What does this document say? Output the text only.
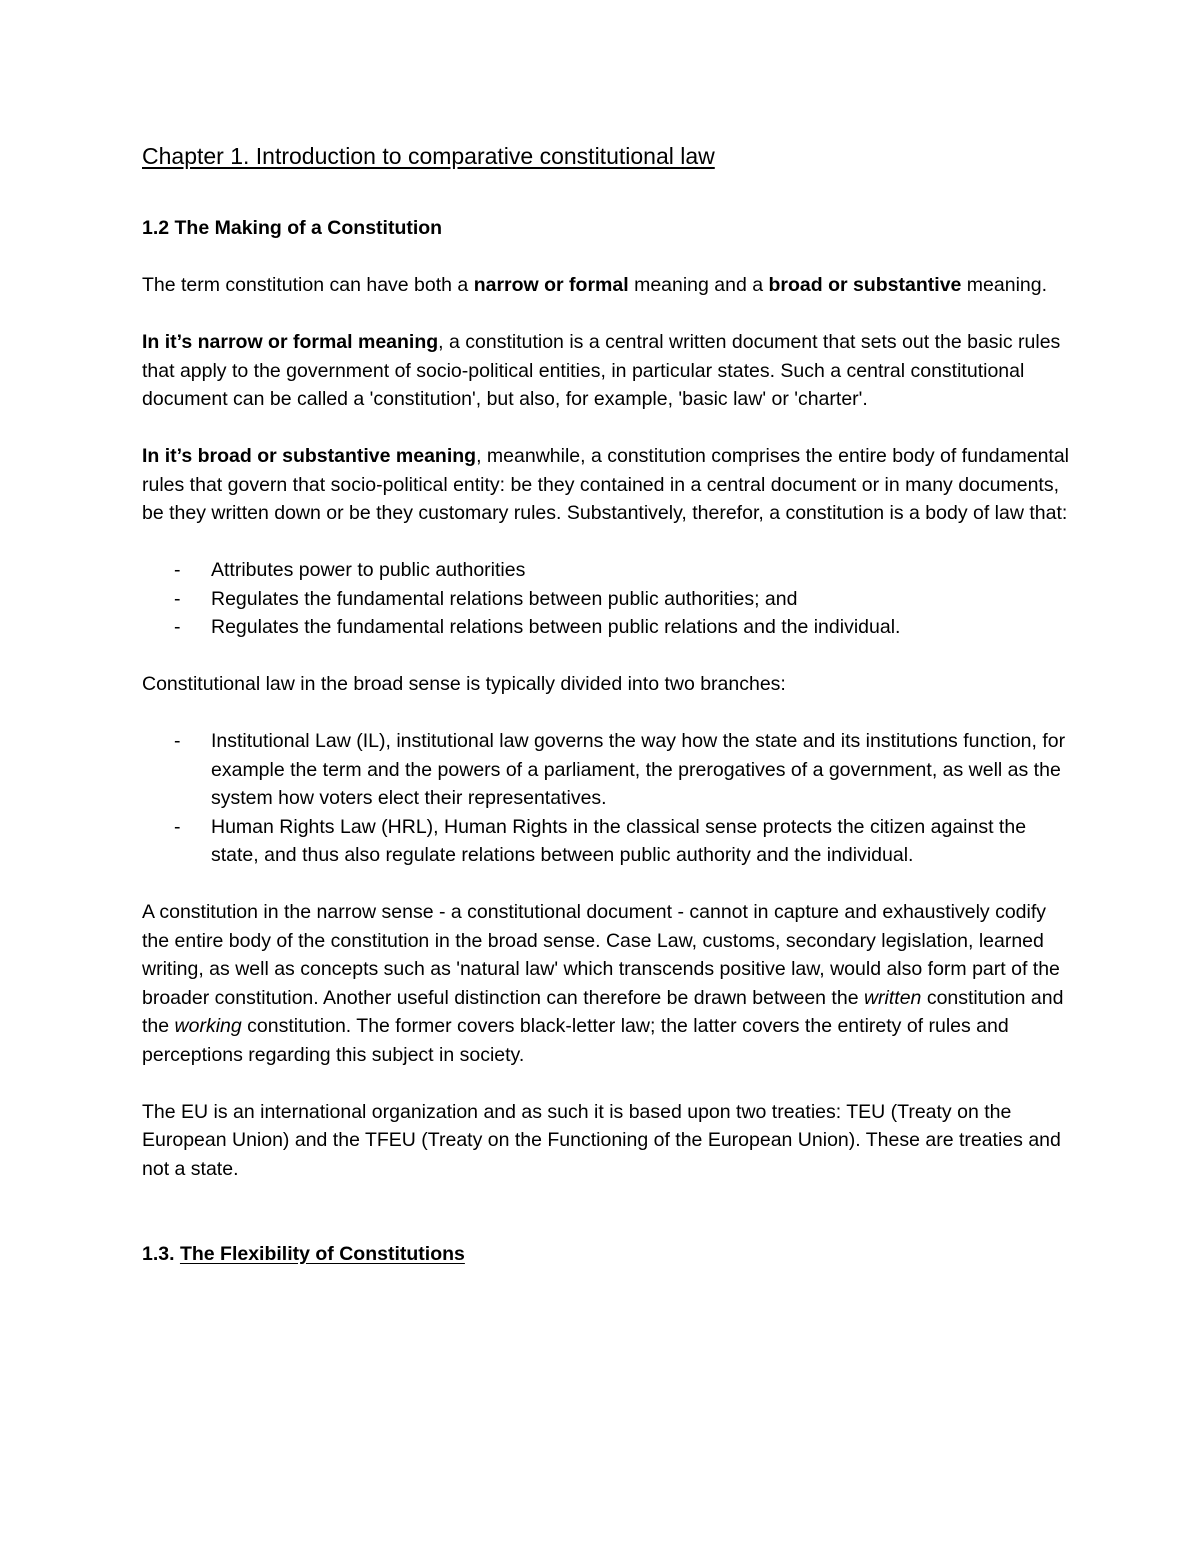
Chapter 1. Introduction to comparative constitutional law
1.2 The Making of a Constitution

The term constitution can have both a narrow or formal meaning and a broad or substantive meaning.

In it’s narrow or formal meaning, a constitution is a central written document that sets out the basic rules that apply to the government of socio-political entities, in particular states. Such a central constitutional document can be called a 'constitution', but also, for example, 'basic law' or 'charter'.

In it’s broad or substantive meaning, meanwhile, a constitution comprises the entire body of fundamental rules that govern that socio-political entity: be they contained in a central document or in many documents, be they written down or be they customary rules. Substantively, therefor, a constitution is a body of law that:

- Attributes power to public authorities
- Regulates the fundamental relations between public authorities; and
- Regulates the fundamental relations between public relations and the individual.

Constitutional law in the broad sense is typically divided into two branches:

- Institutional Law (IL), institutional law governs the way how the state and its institutions function, for example the term and the powers of a parliament, the prerogatives of a government, as well as the system how voters elect their representatives.
- Human Rights Law (HRL), Human Rights in the classical sense protects the citizen against the state, and thus also regulate relations between public authority and the individual.

A constitution in the narrow sense - a constitutional document - cannot in capture and exhaustively codify the entire body of the constitution in the broad sense. Case Law, customs, secondary legislation, learned writing, as well as concepts such as 'natural law' which transcends positive law, would also form part of the broader constitution. Another useful distinction can therefore be drawn between the written constitution and the working constitution. The former covers black-letter law; the latter covers the entirety of rules and perceptions regarding this subject in society.

The EU is an international organization and as such it is based upon two treaties: TEU (Treaty on the European Union) and the TFEU (Treaty on the Functioning of the European Union). These are treaties and not a state.

1.3. The Flexibility of Constitutions
